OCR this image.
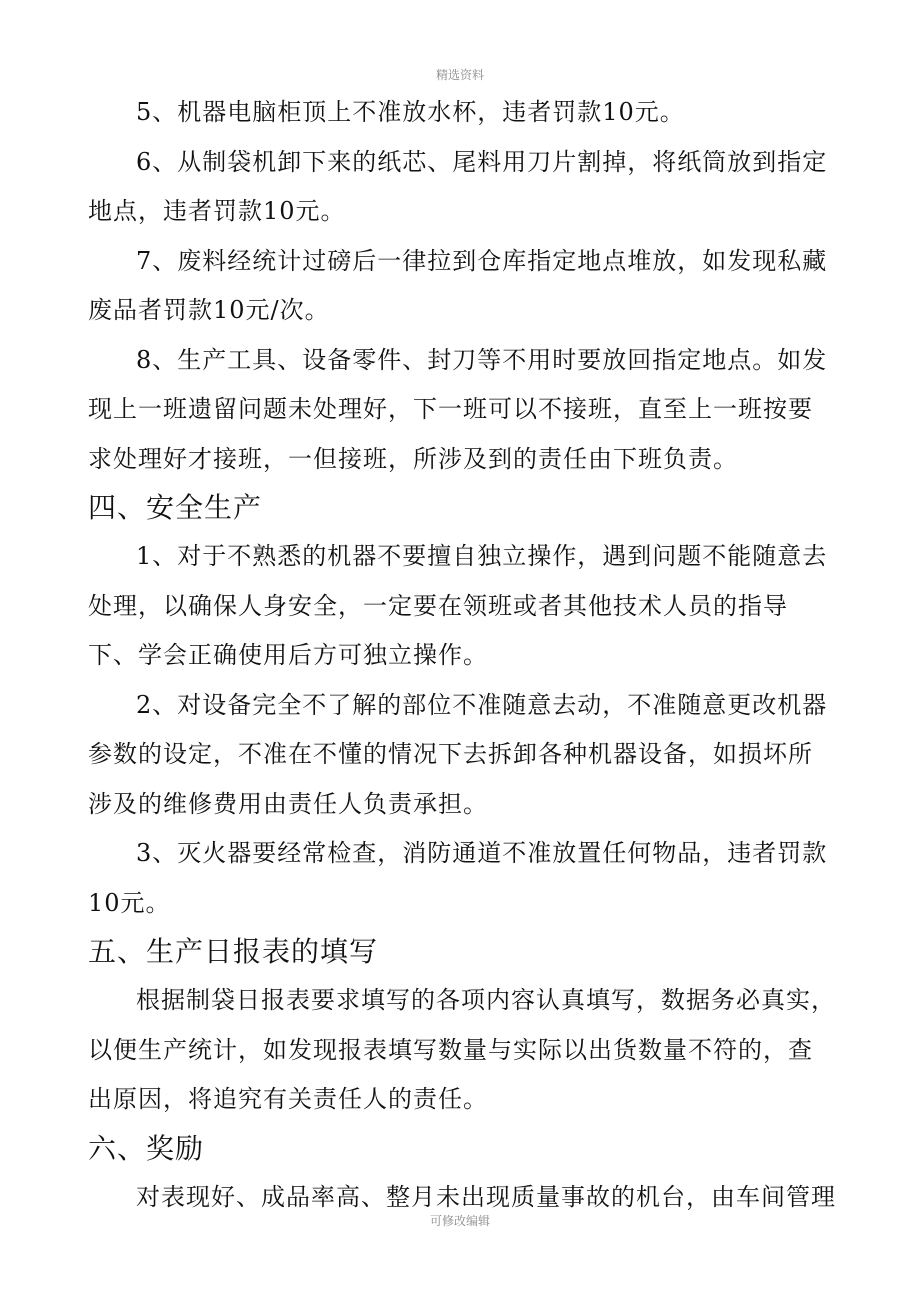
精选资料

5、机器电脑柜顶上不准放水杯，违者罚款10元。

6、从制袋机卸下来的纸芯、尾料用刀片割掉，将纸筒放到指定地点，违者罚款10元。

7、废料经统计过磅后一律拉到仓库指定地点堆放，如发现私藏废品者罚款10元/次。

8、生产工具、设备零件、封刀等不用时要放回指定地点。如发现上一班遗留问题未处理好，下一班可以不接班，直至上一班按要求处理好才接班，一但接班，所涉及到的责任由下班负责。

四、安全生产

1、对于不熟悉的机器不要擅自独立操作，遇到问题不能随意去处理，以确保人身安全，一定要在领班或者其他技术人员的指导下、学会正确使用后方可独立操作。

2、对设备完全不了解的部位不准随意去动，不准随意更改机器参数的设定，不准在不懂的情况下去拆卸各种机器设备，如损坏所涉及的维修费用由责任人负责承担。

3、灭火器要经常检查，消防通道不准放置任何物品，违者罚款10元。

五、生产日报表的填写

根据制袋日报表要求填写的各项内容认真填写，数据务必真实，以便生产统计，如发现报表填写数量与实际以出货数量不符的，查出原因，将追究有关责任人的责任。

六、奖励

对表现好、成品率高、整月未出现质量事故的机台，由车间管理

可修改编辑
